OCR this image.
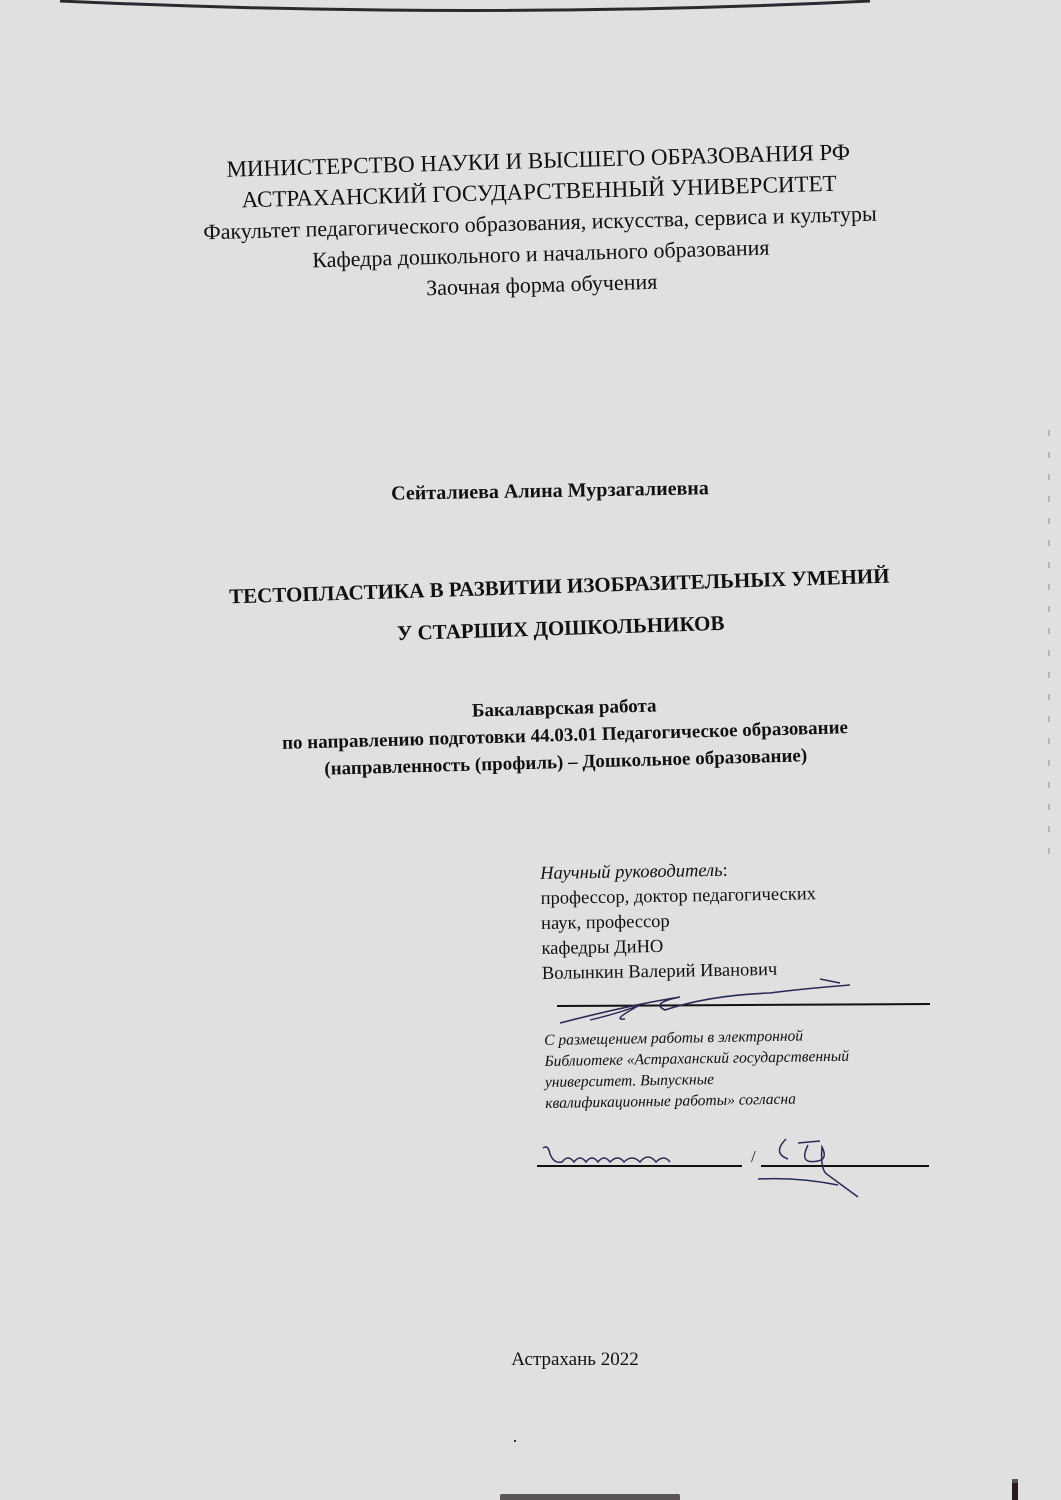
МИНИСТЕРСТВО НАУКИ И ВЫСШЕГО ОБРАЗОВАНИЯ РФ
АСТРАХАНСКИЙ ГОСУДАРСТВЕННЫЙ УНИВЕРСИТЕТ
Факультет педагогического образования, искусства, сервиса и культуры
Кафедра дошкольного и начального образования
Заочная форма обучения
Сейталиева Алина Мурзагалиевна
ТЕСТОПЛАСТИКА В РАЗВИТИИ ИЗОБРАЗИТЕЛЬНЫХ УМЕНИЙ
У СТАРШИХ ДОШКОЛЬНИКОВ
Бакалаврская работа
по направлению подготовки 44.03.01 Педагогическое образование
(направленность (профиль) – Дошкольное образование)
Научный руководитель:
профессор, доктор педагогических
наук, профессор
кафедры ДиНО
Волынкин Валерий Иванович
С размещением работы в электронной
Библиотеке «Астраханский государственный
университет. Выпускные
квалификационные работы» согласна
/
Астрахань 2022
